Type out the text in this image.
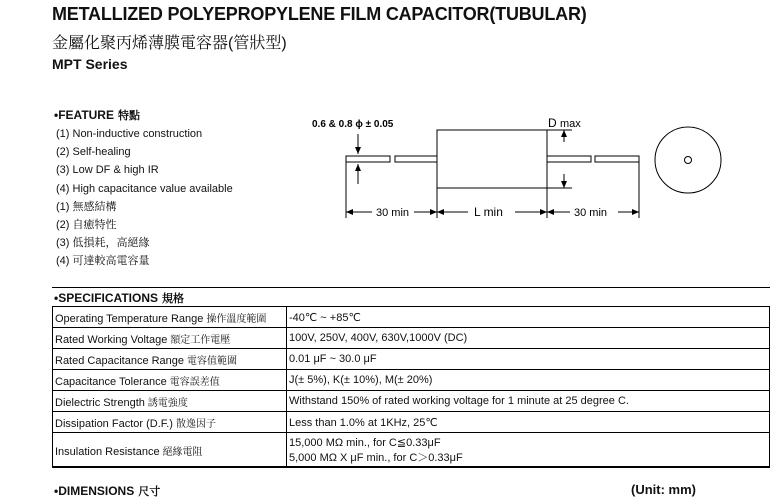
METALLIZED POLYEPROPYLENE FILM CAPACITOR(TUBULAR)
金屬化聚丙烯薄膜電容器(管狀型)
MPT Series
•FEATURE 特點
(1) Non-inductive construction
(2) Self-healing
(3) Low DF & high IR
(4) High capacitance value available
(1) 無感結構
(2) 自癒特性
(3) 低損耗，高絕緣
(4) 可達較高電容量
0.6 & 0.8 ϕ ± 0.05	D max
30 min	L min	30 min
•SPECIFICATIONS 規格
Operating Temperature Range 操作溫度範圍	-40℃ ~ +85℃
Rated Working Voltage 額定工作電壓	100V, 250V, 400V, 630V,1000V (DC)
Rated Capacitance Range 電容值範圍	0.01 μF ~ 30.0 μF
Capacitance Tolerance 電容誤差值	J(± 5%), K(± 10%), M(± 20%)
Dielectric Strength 誘電強度	Withstand 150% of rated working voltage for 1 minute at 25 degree C.
Dissipation Factor (D.F.) 散逸因子	Less than 1.0% at 1KHz, 25℃
Insulation Resistance 絕緣電阻	15,000 MΩ min., for C≦0.33μF
5,000 MΩ X μF min., for C＞0.33μF
•DIMENSIONS 尺寸	(Unit: mm)
